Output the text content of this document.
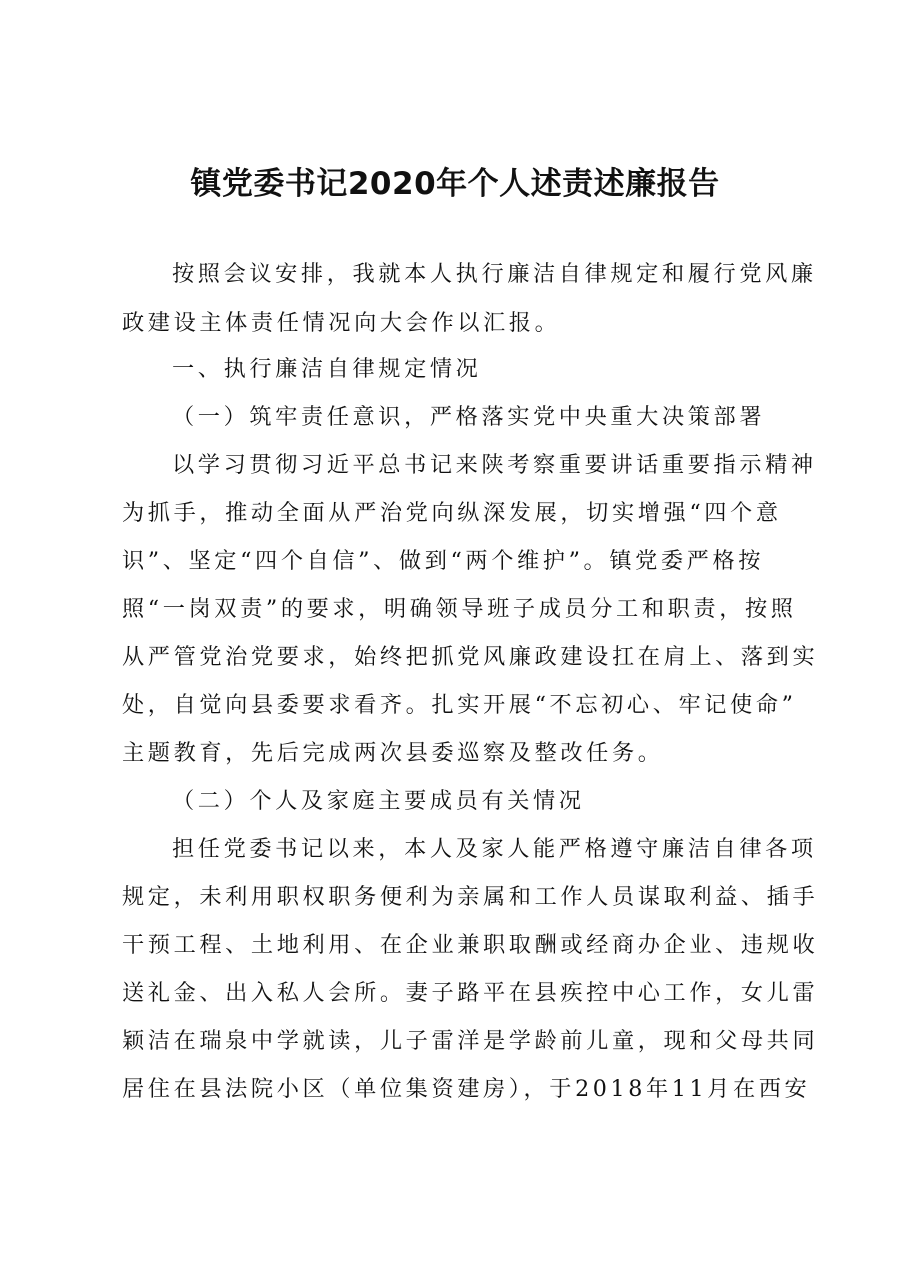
镇党委书记2020年个人述责述廉报告

按照会议安排，我就本人执行廉洁自律规定和履行党风廉

政建设主体责任情况向大会作以汇报。

一、执行廉洁自律规定情况

（一）筑牢责任意识，严格落实党中央重大决策部署

以学习贯彻习近平总书记来陕考察重要讲话重要指示精神

为抓手，推动全面从严治党向纵深发展，切实增强“四个意

识”、坚定“四个自信”、做到“两个维护”。镇党委严格按

照“一岗双责”的要求，明确领导班子成员分工和职责，按照

从严管党治党要求，始终把抓党风廉政建设扛在肩上、落到实

处，自觉向县委要求看齐。扎实开展“不忘初心、牢记使命”

主题教育，先后完成两次县委巡察及整改任务。

（二）个人及家庭主要成员有关情况

担任党委书记以来，本人及家人能严格遵守廉洁自律各项

规定，未利用职权职务便利为亲属和工作人员谋取利益、插手

干预工程、土地利用、在企业兼职取酬或经商办企业、违规收

送礼金、出入私人会所。妻子路平在县疾控中心工作，女儿雷

颖洁在瑞泉中学就读，儿子雷洋是学龄前儿童，现和父母共同

居住在县法院小区（单位集资建房），于2018年11月在西安
